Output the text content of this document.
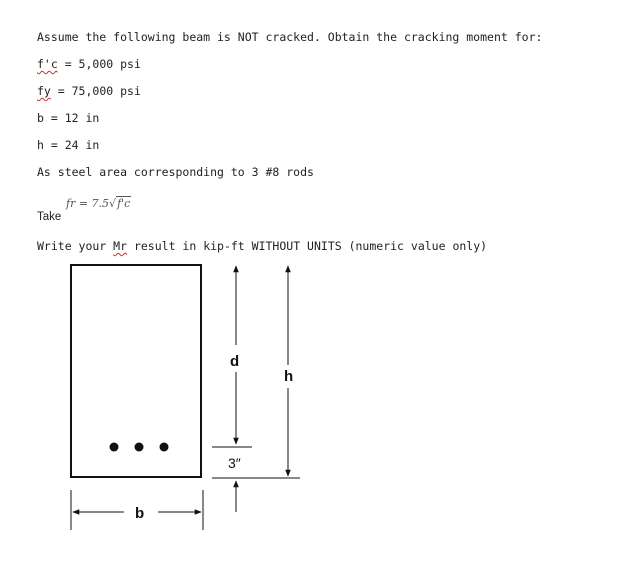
Assume the following beam is NOT cracked. Obtain the cracking moment for:
f'c = 5,000 psi
fy = 75,000 psi
b = 12 in
h = 24 in
As steel area corresponding to 3 #8 rods
fr = 7.5√f'c
Take
Write your Mr result in kip-ft WITHOUT UNITS (numeric value only)
d
3″
h
b
